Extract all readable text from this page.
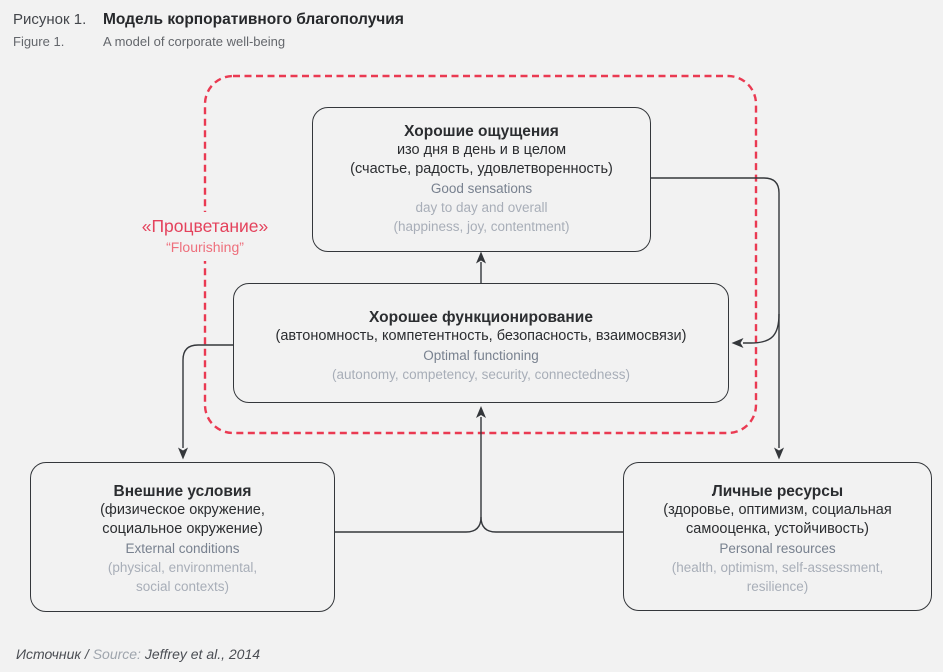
Рисунок 1. Модель корпоративного благополучия
Figure 1.	A model of corporate well-being
«Процветание»
“Flourishing”

Хорошие ощущения

изо дня в день и в целом

(счастье, радость, удовлетворенность)

Good sensations

day to day and overall

(happiness, joy, contentment)

Хорошее функционирование

(автономность, компетентность, безопасность, взаимосвязи)

Optimal functioning

(autonomy, competency, security, connectedness)

Внешние условия

(физическое окружение,

социальное окружение)

External conditions

(physical, environmental,

social contexts)

Личные ресурсы

(здоровье, оптимизм, социальная

самооценка, устойчивость)

Personal resources

(health, optimism, self-assessment,

resilience)

Источник / Source: Jeffrey et al., 2014
